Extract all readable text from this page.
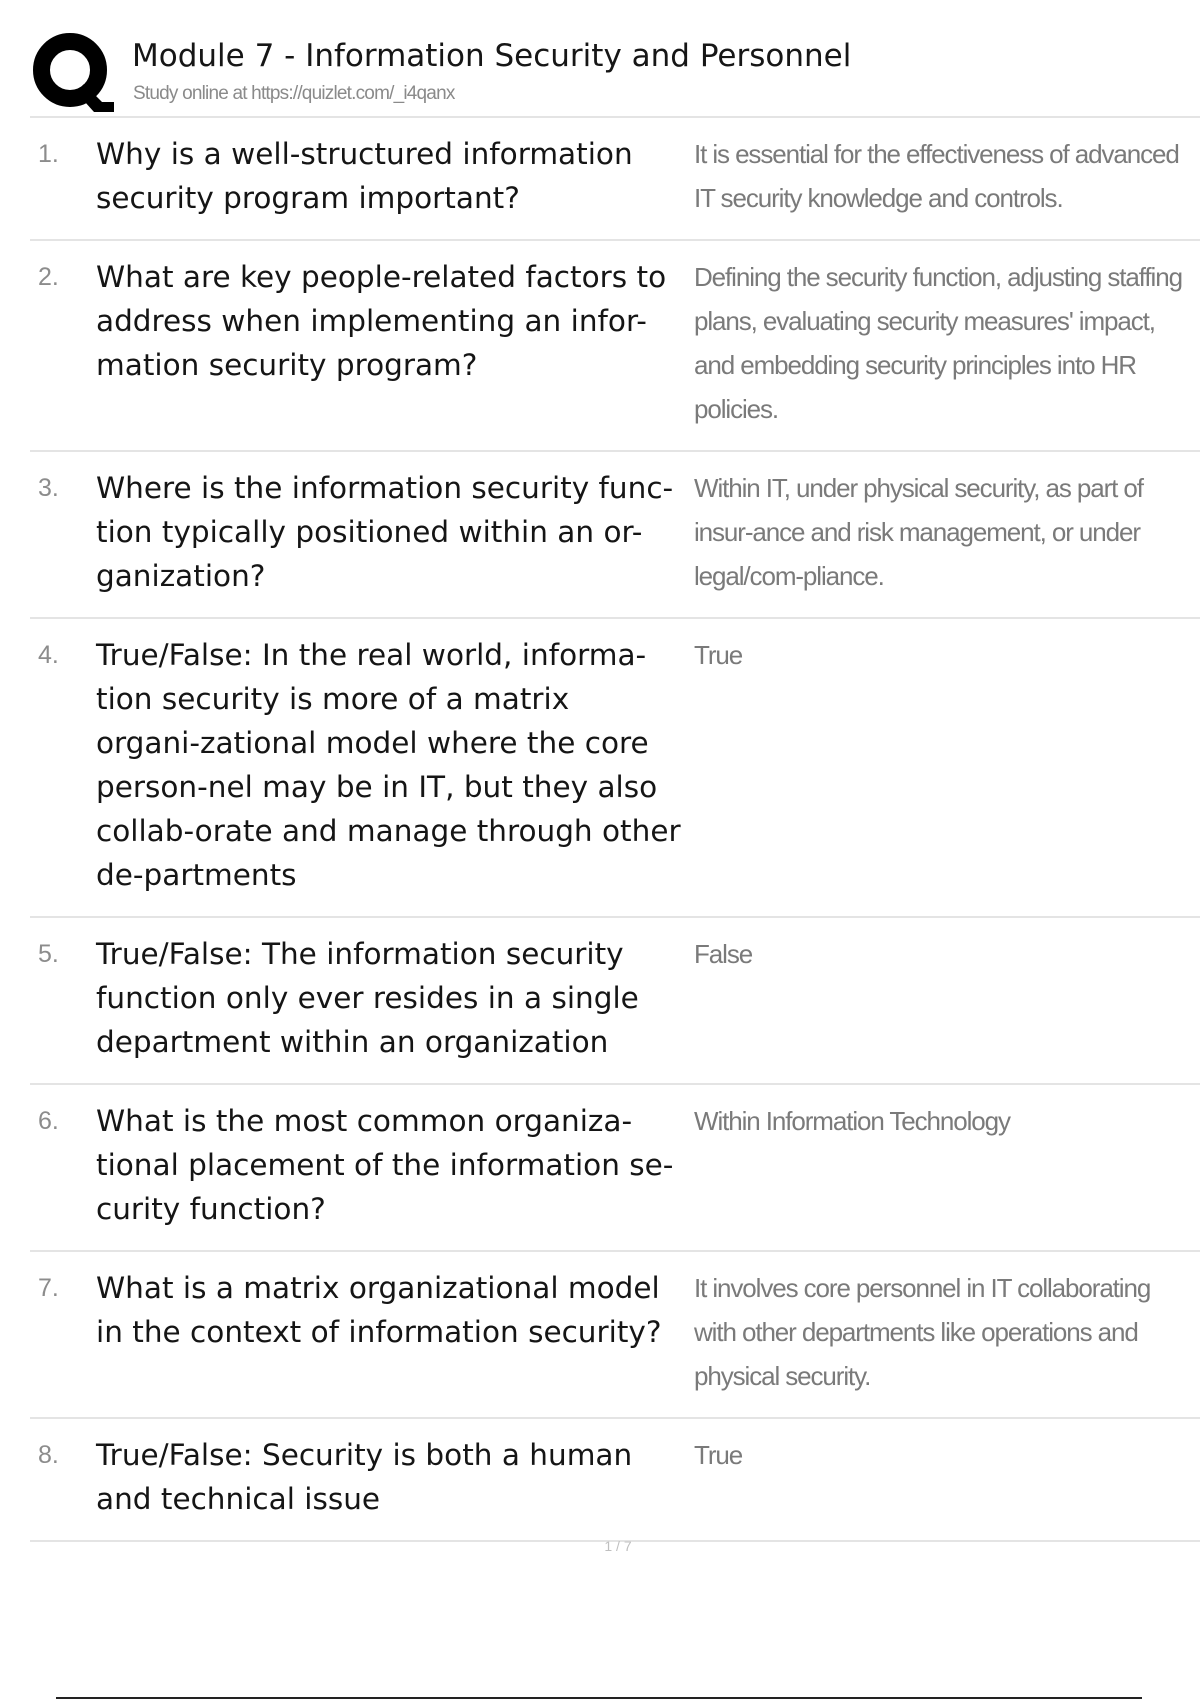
Module 7 - Information Security and Personnel
Study online at https://quizlet.com/_i4qanx
1.	Why is a well-structured information security program important?
It is essential for the effectiveness of advanced IT security knowledge and controls.
2.	What are key people-related factors to address when implementing an infor-mation security program?
Defining the security function, adjusting staffing plans, evaluating security measures' impact, and embedding security principles into HR policies.
3.	Where is the information security func-tion typically positioned within an or-ganization?
Within IT, under physical security, as part of insur-ance and risk management, or under legal/com-pliance.
4.	True/False: In the real world, informa-tion security is more of a matrix organi-zational model where the core person-nel may be in IT, but they also collab-orate and manage through other de-partments
True
5.	True/False: The information security function only ever resides in a single department within an organization
False
6.	What is the most common organiza-tional placement of the information se-curity function?
Within Information Technology
7.	What is a matrix organizational model in the context of information security?
It involves core personnel in IT collaborating with other departments like operations and physical security.
8.	True/False: Security is both a human and technical issue
True
1 / 7
